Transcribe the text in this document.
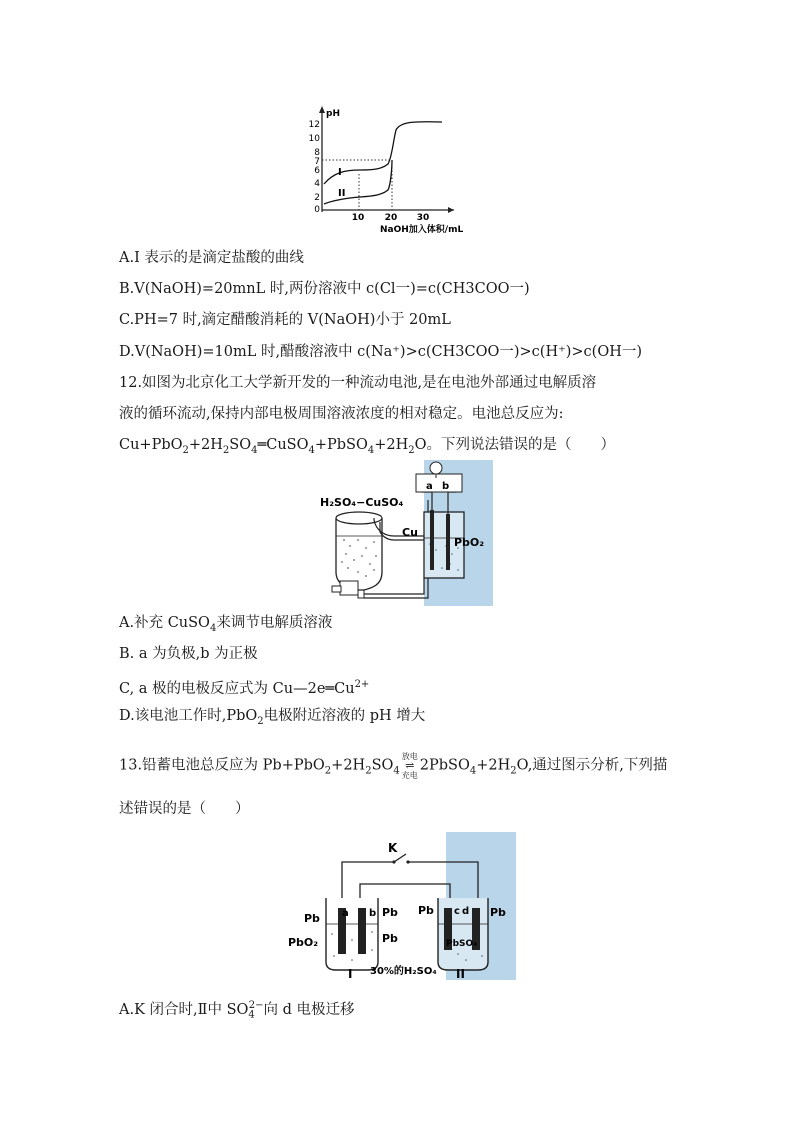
pH
12
10
8
7
6
4
2
0
10 20 30
NaOH加入体积/mL
I
II
A.I 表示的是滴定盐酸的曲线
B.V(NaOH)=20mnL 时,两份溶液中 c(Cl一)=c(CH3COO一)
C.PH=7 时,滴定醋酸消耗的 V(NaOH)小于 20mL
D.V(NaOH)=10mL 时,醋酸溶液中 c(Na⁺)>c(CH3COO一)>c(H⁺)>c(OH一)
12.如图为北京化工大学新开发的一种流动电池,是在电池外部通过电解质溶
液的循环流动,保持内部电极周围溶液浓度的相对稳定。电池总反应为:
$Cu+PbO_2+2H_2SO_4═CuSO_4+PbSO_4+2H_2O$。下列说法错误的是（　　）
H₂SO₄−CuSO₄
a b
Cu
PbO₂
A.补充 CuSO$_4$来调节电解质溶液
B. a 为负极,b 为正极
C, a 极的电极反应式为 $Cu—2e═Cu^{2+}$
D.该电池工作时,PbO$_2$电极附近溶液的 pH 增大
13.铅蓄电池总反应为 $Pb+PbO_2+2H_2SO_4$放电
⇌
充电$2PbSO_4+2H_2O$,通过图示分析,下列描
述错误的是（　　）
K
Pb
PbO₂
Pb
Pb
Pb	Pb
a b	c d
PbSO₄
I	II
30%的H₂SO₄
A.K 闭合时,Ⅱ中 $SO_4^{2-}$向 d 电极迁移
